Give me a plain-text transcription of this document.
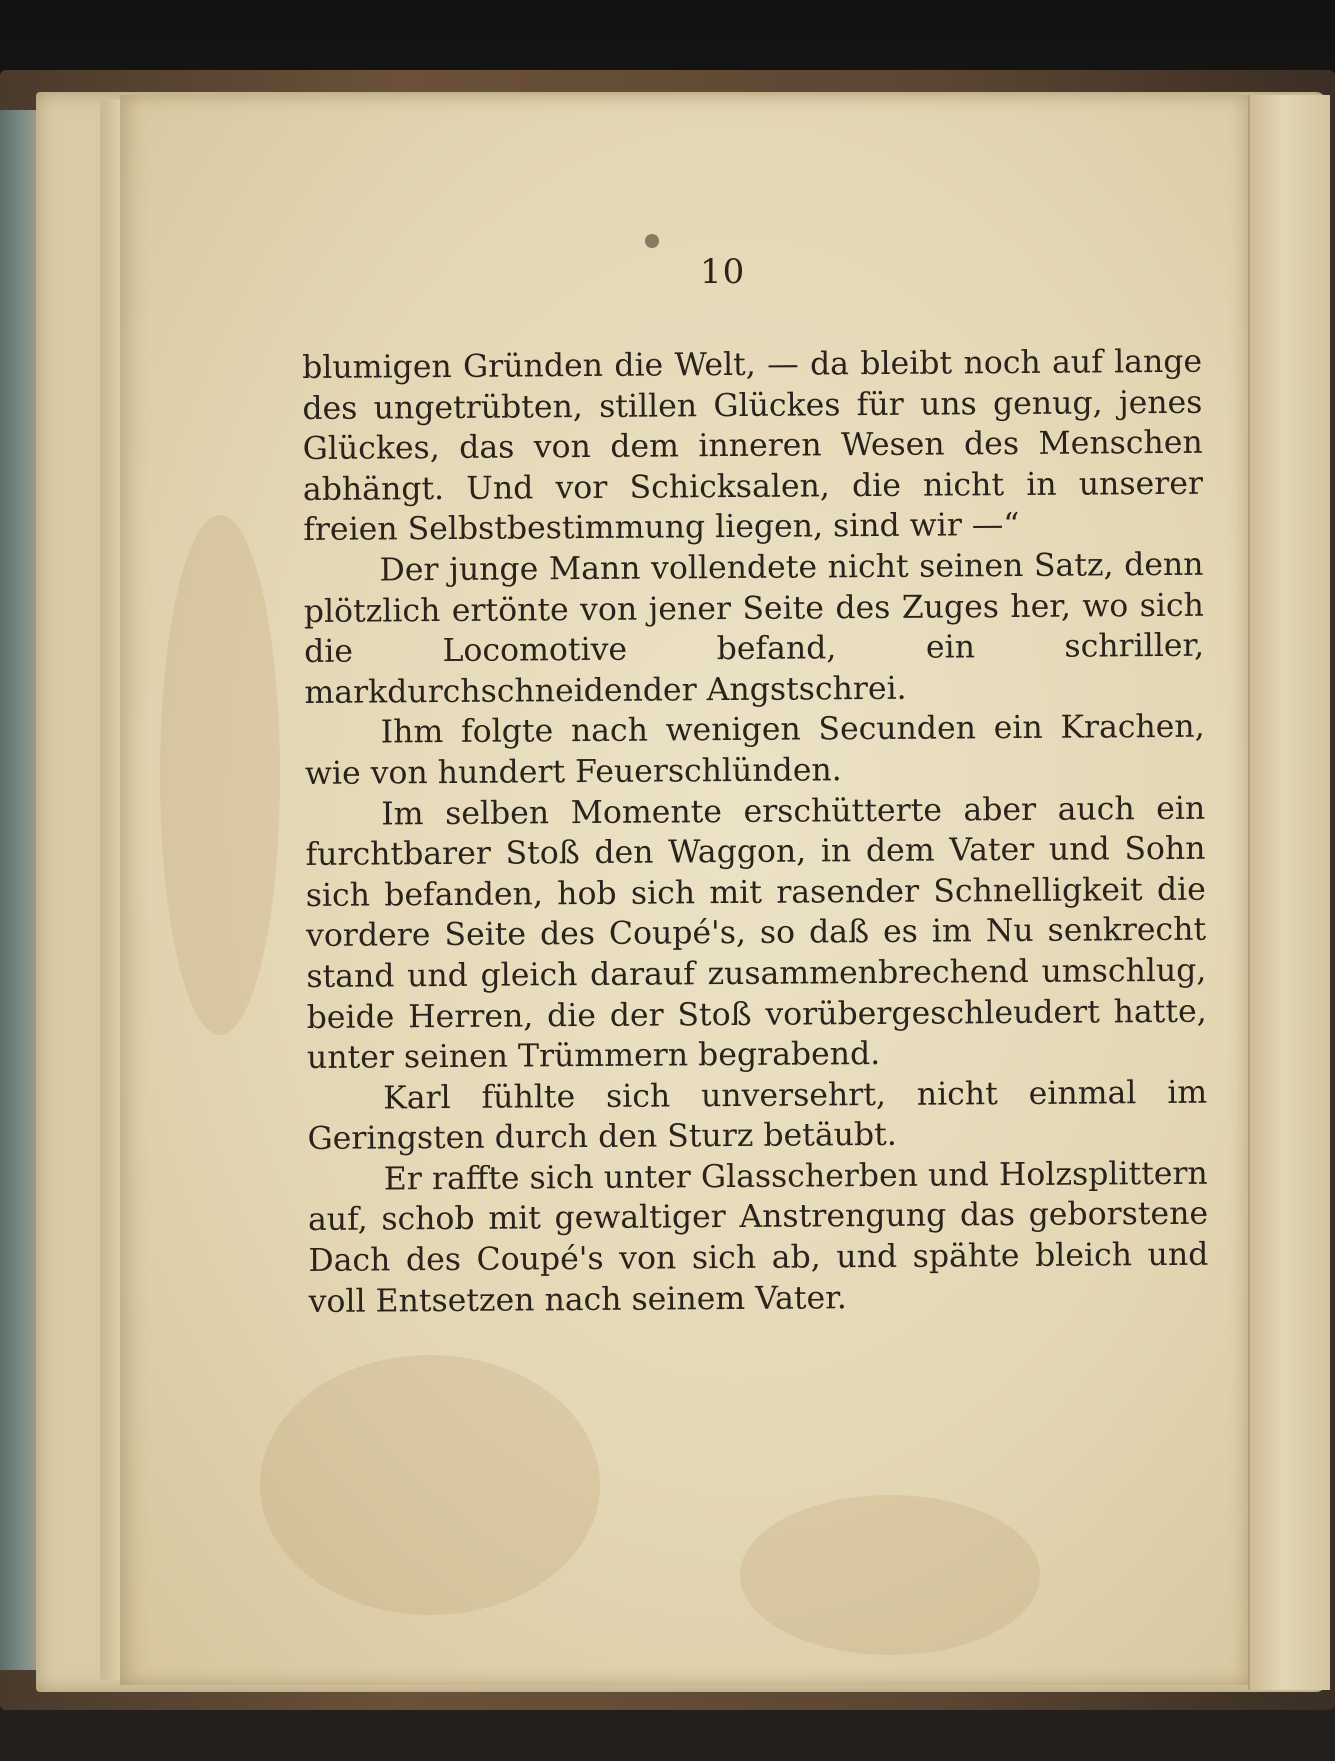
10

blumigen Gründen die Welt, — da bleibt noch auf lange des ungetrübten, stillen Glückes für uns genug, jenes Glückes, das von dem inneren Wesen des Menschen abhängt. Und vor Schicksalen, die nicht in unserer freien Selbstbestimmung liegen, sind wir —“

Der junge Mann vollendete nicht seinen Satz, denn plötzlich ertönte von jener Seite des Zuges her, wo sich die Locomotive befand, ein schriller, markdurchschneidender Angstschrei.

Ihm folgte nach wenigen Secunden ein Krachen, wie von hundert Feuerschlünden.

Im selben Momente erschütterte aber auch ein furchtbarer Stoß den Waggon, in dem Vater und Sohn sich befanden, hob sich mit rasender Schnelligkeit die vordere Seite des Coupé's, so daß es im Nu senkrecht stand und gleich darauf zusammenbrechend umschlug, beide Herren, die der Stoß vorübergeschleudert hatte, unter seinen Trümmern begrabend.

Karl fühlte sich unversehrt, nicht einmal im Geringsten durch den Sturz betäubt.

Er raffte sich unter Glasscherben und Holzsplittern auf, schob mit gewaltiger Anstrengung das geborstene Dach des Coupé's von sich ab, und spähte bleich und voll Entsetzen nach seinem Vater.
